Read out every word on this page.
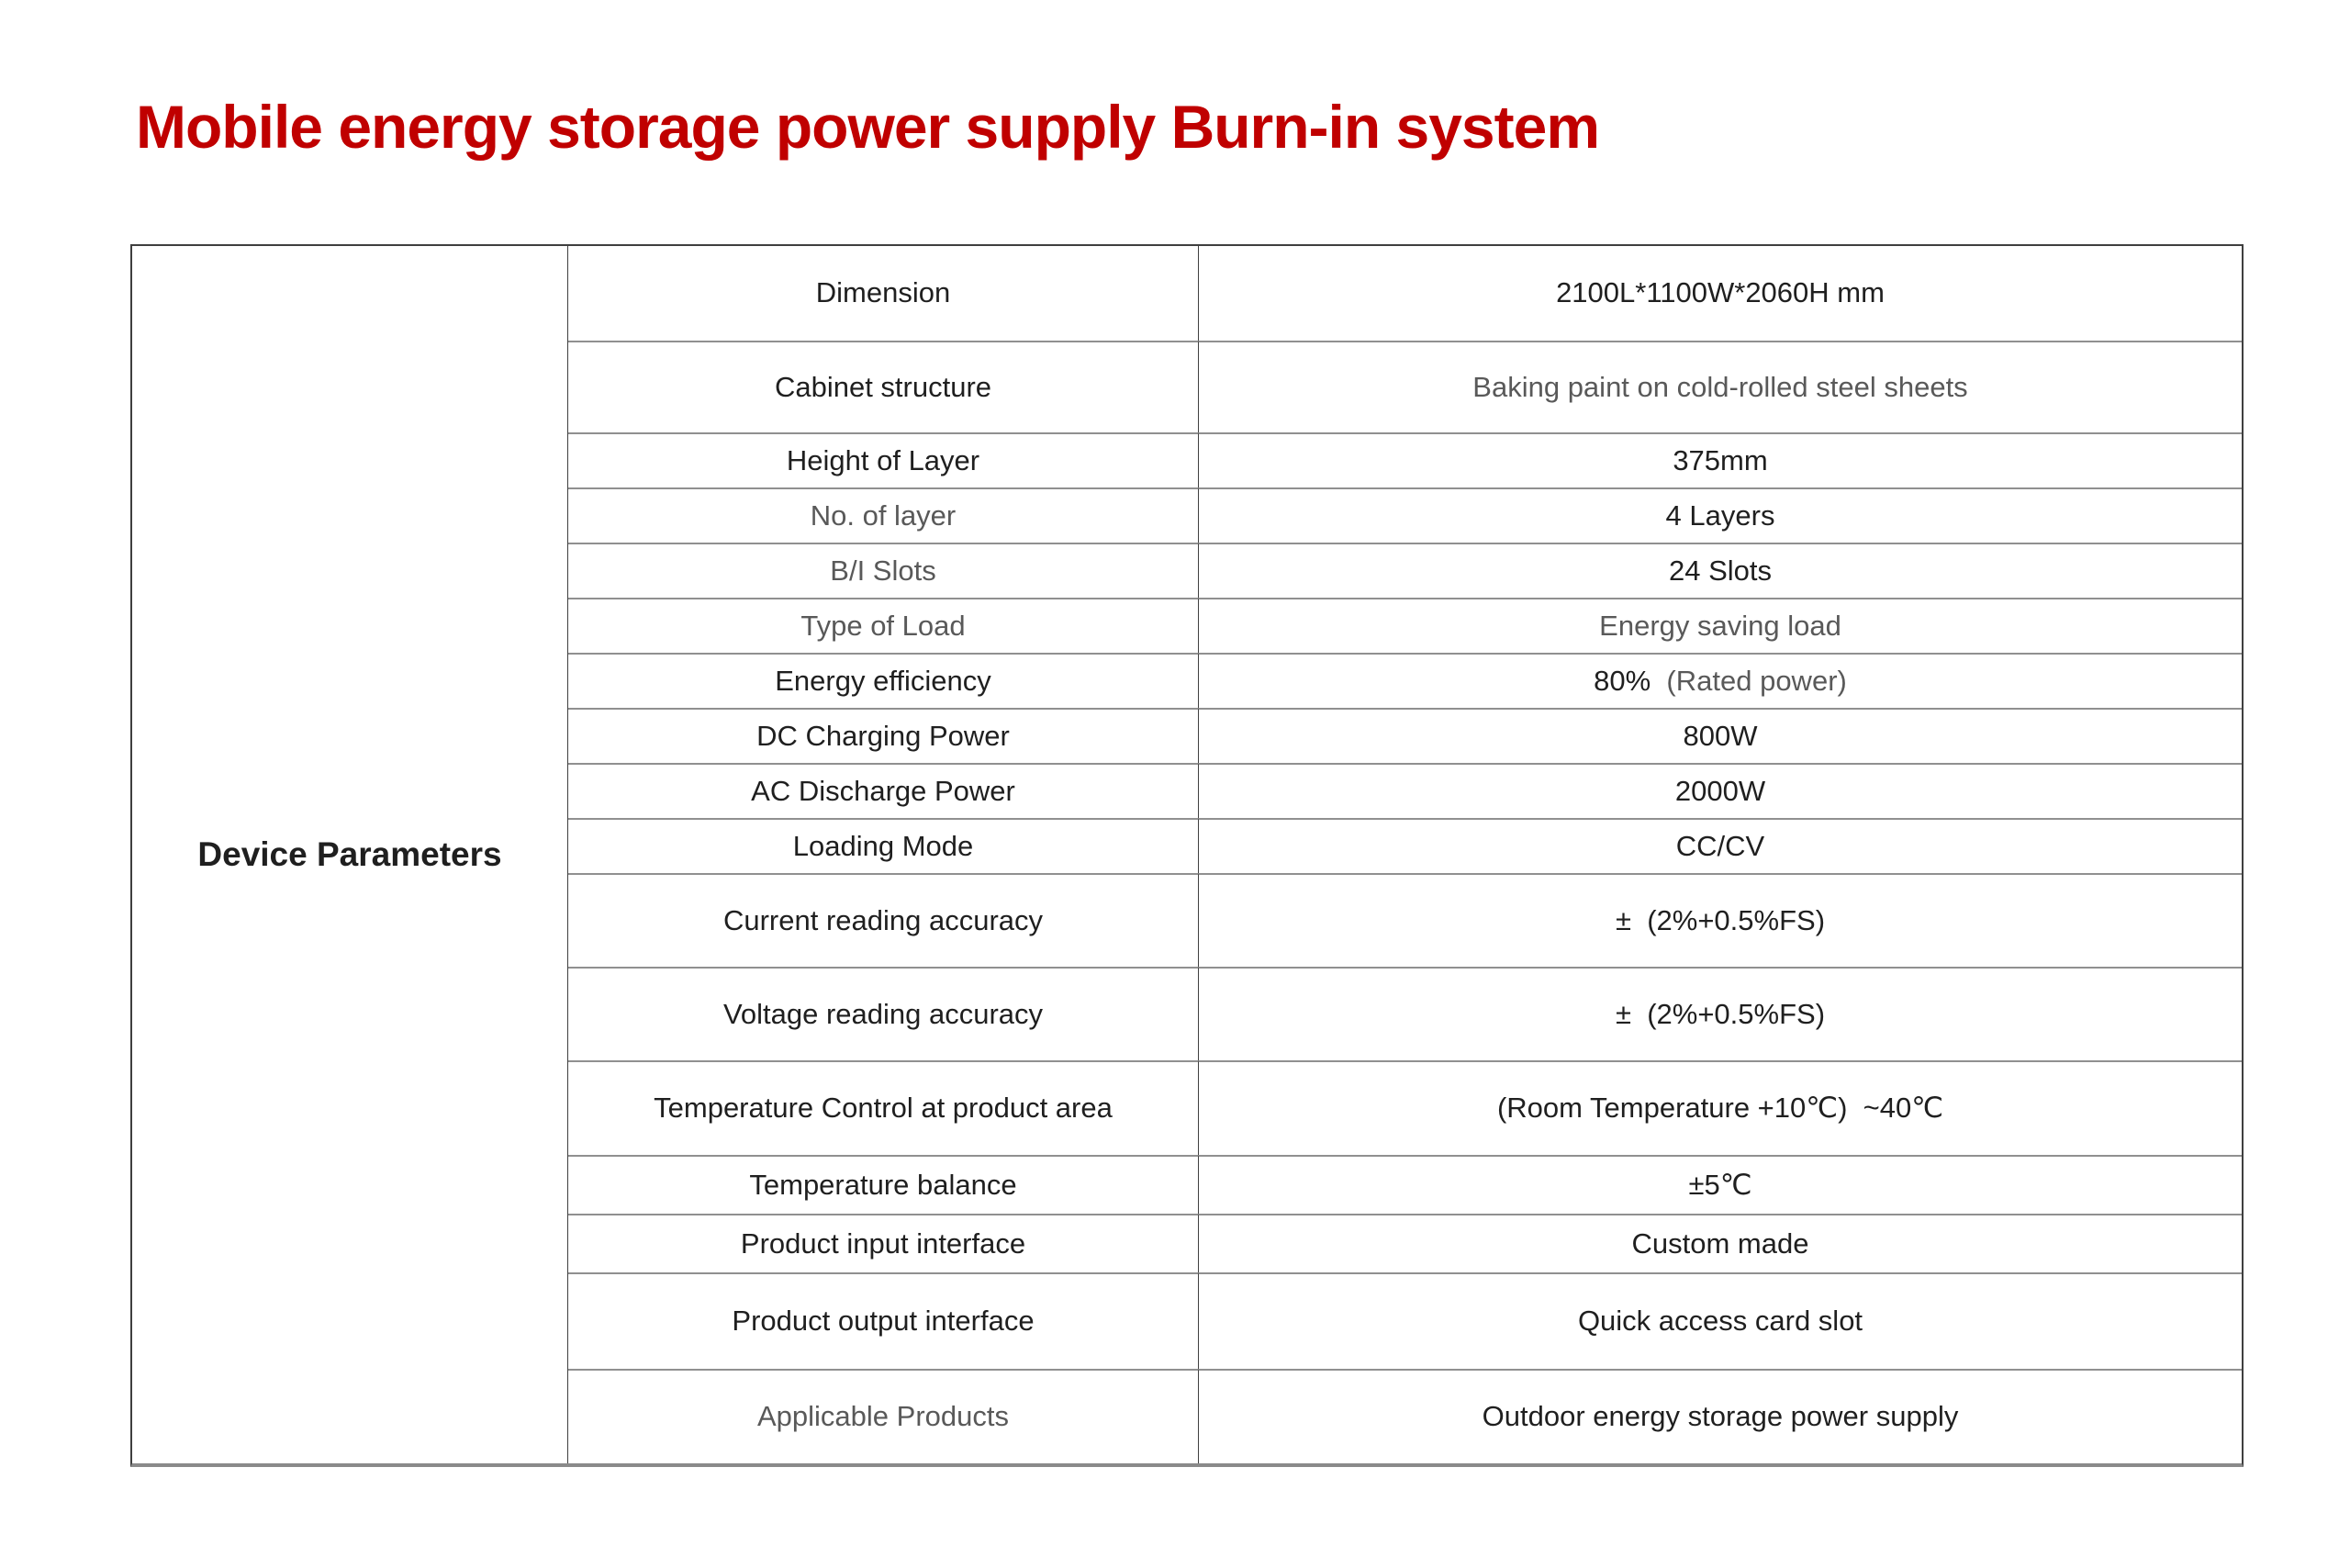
Mobile energy storage power supply Burn-in system
Device Parameters
Dimension	2100L*1100W*2060H mm
Cabinet structure	Baking paint on cold-rolled steel sheets
Height of Layer	375mm
No. of layer	4 Layers
B/I Slots	24 Slots
Type of Load	Energy saving load
Energy efficiency	80% (Rated power)
DC Charging Power	800W
AC Discharge Power	2000W
Loading Mode	CC/CV
Current reading accuracy	±  (2%+0.5%FS)
Voltage reading accuracy	±  (2%+0.5%FS)
Temperature Control at product area	(Room Temperature +10℃)  ~40℃
Temperature balance	±5℃
Product input interface	Custom made
Product output interface	Quick access card slot
Applicable Products	Outdoor energy storage power supply
